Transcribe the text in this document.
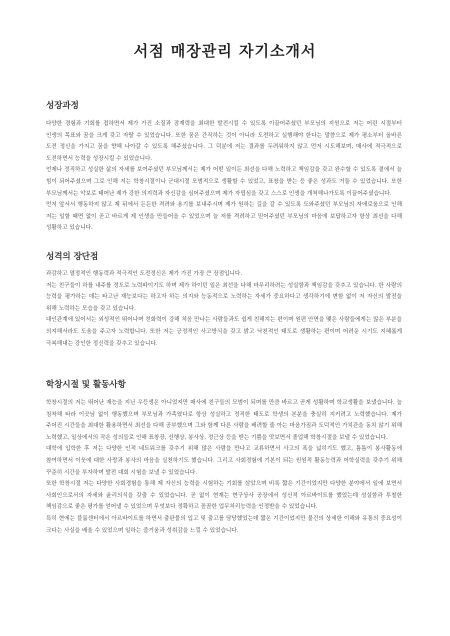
서점 매장관리 자기소개서
성장과정

다양한 경험과 기회를 접하면서 제가 가진 소질과 잠재력을 최대한 발전시킬 수 있도록 이끌어주셨던 부모님의 지원으로 저는 어린 시절부터 인생의 목표와 꿈을 크게 갖고 자랄 수 있었습니다. 또한 꿈은 간직하는 것이 아니라 도전하고 실행해야 한다는 말씀으로 제가 평소부터 올바른 도전 정신을 가지고 꿈을 향해 나아갈 수 있도록 해주셨습니다. 그 덕분에 저는 결과를 두려워하지 않고 먼저 시도해보며, 매사에 적극적으로 도전하면서 능력을 성장시킬 수 있었습니다.

언제나 정직하고 성실한 삶의 자세를 보여주셨던 부모님께서는 제가 어떤 일이든 최선을 다해 노력하고 책임감을 갖고 완수할 수 있도록 곁에서 늘 힘이 되어주셨으며 그로 인해 저는 학창시절이나 군대시절 모범적으로 생활할 수 있었고, 표창을 받는 등 좋은 성과도 거둘 수 있었습니다. 또한 부모님께서는 악보로 태어난 제가 강한 의지력과 자신감을 심어주셨으며 제가 자립심을 갖고 스스로 인생을 개척해나가도록 이끌어주셨습니다.

먼저 앞서서 행동하지 않고 제 뒤에서 든든한 격려와 용기를 보내주시며 제가 원하는 길을 갈 수 있도록 도와주셨던 부모님의 자애로움으로 인해 저는 일할 때면 없이 곧고 바르게 제 인생을 만들어올 수 있었으며 늘 저를 격려하고 믿어주셨던 부모님의 마음에 보답하고자 항상 최선을 다해 성활하고 있습니다.

성격의 장단점

과감하고 열정적인 행동력과 적극적인 도전정신은 제가 가진 가장 큰 장점입니다.

저는 친구들이 하를 내주를 정도로 노력파이기도 하며 제가 하이던 일은 최선을 다해 마무리하려는 성실함과 책임감을 갖추고 있습니다. 한 사람의 능력을 평가하는 데는 타고난 재능보다는 하고자 하는 의지와 능동적으로 노력하는 자세가 중요하다고 생각하기에 변함 없이 저 자신의 발전을 위해 노력하는 모습을 갖고 있습니다.

대인관계에 있어서는 외성적인 뛰어나며 친화력이 강해 처음 만나는 사람들과도 쉽게 친해지는 편이며 원편 안면을 맺은 사람들에게는 많은 부분을 의지해서라도 도움을 주고자 노력합니다. 또한 저는 긍정적인 사고방식을 갖고 밝고 낙천적인 태도로 생활하는 편이며 어려운 시기도 지혜롭게 극복해내는 강인한 정신력을 갖추고 있습니다.

학창시절 및 활동사항

학창시절의 저는 뛰어난 재능을 지닌 우등생은 아니었지만 매사에 친구들의 모범이 되며를 만큼 바르고 곧게 성활하며 학교생활을 보냈습니다. 늘 침착해 타라 이곳님 없이 행동했으며 부모님과 가족였다로 항상 성실하고 정직한 태도로 학생의 본분을 충실히 지키려고 노력했습니다. 제가 주어진 시간들을 최대한 활용하면서 최선을 다해 공부했으며 그와 함께 다른 사람을 배려할 줄 아는 마음가짐과 도덕적인 가치관을 동치 않기 위해 노력했고, 일상에서의 작은 성의들로 인해 표창장, 선행상, 봉사상, 정근상 등을 받는 기쁨을 맛보면서 졸업해 학창시절을 보낼 수 있었습니다.

대학에 입학한 후 저는 다양한 인적 네트워크를 갖추기 위해 많은 사람을 만나고 교류하면서 사고의 폭을 넓히기도 했고, 틈틈이 봉사활동에 참여하면서 이웃에 대한 사랑과 봉사의 마음을 실천하기도 했습니다. 그리고 사회경험에 기본이 되는 원원적 활동능력과 어학실력을 갖추기 위해 꾸준히 시간을 투자하며 발전 대회 시험을 보낼 수 있었습니다.

또한 학창시절 저는 다양한 사회경험을 통해 제 자신의 능력을 시험하는 기회를 삼았으며 비록 짧은 기간이었지만 다양한 분야에서 일에 보면서 사회인으로서의 자세와 윤리의식을 갖출 수 있었습니다. 곧 없이 현재는 현구상사 공장에서 성신적 아르바이트를 했었는데 성실함과 투철한 책임감으로 좋은 평가를 얻어낼 수 있었으며 무엇보다 정확하고 꼼꼼한 업무처리능력을 인정받을 수 있었습니다.

특히 현에는 블룸센터에서 아르바이트를 하면서 출판물의 입고 및 출고를 담당했었는데 짧은 기간이었지만 물건의 상세한 이해와 유통의 중요성이 크다는 사실을 배울 수 있었으며 일하는 즐거움과 성취감을 느낄 수 있었습니다.
